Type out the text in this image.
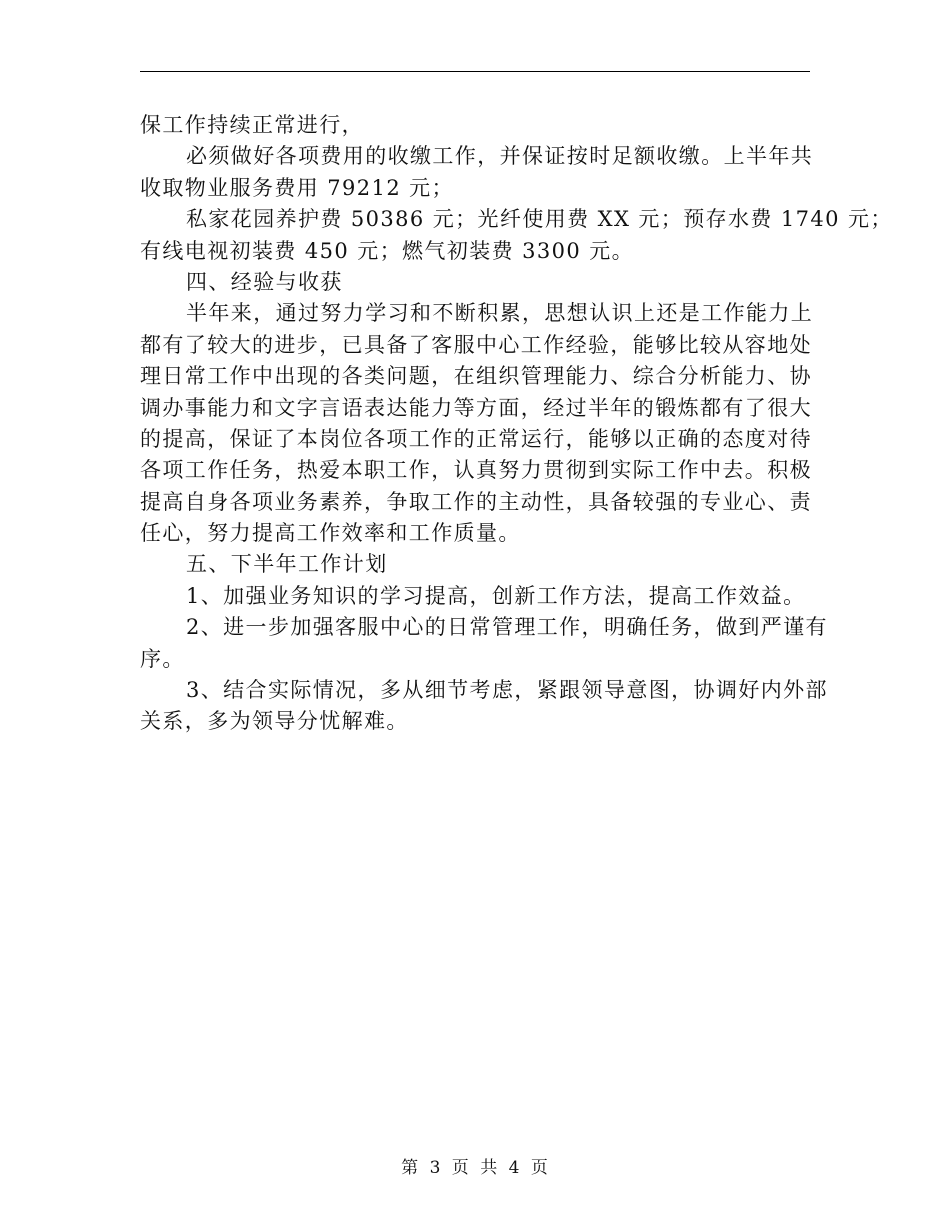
保工作持续正常进行，
必须做好各项费用的收缴工作，并保证按时足额收缴。上半年共
收取物业服务费用 79212 元；
私家花园养护费 50386 元；光纤使用费 XX 元；预存水费 1740 元；
有线电视初装费 450 元；燃气初装费 3300 元。
四、经验与收获
半年来，通过努力学习和不断积累，思想认识上还是工作能力上
都有了较大的进步，已具备了客服中心工作经验，能够比较从容地处
理日常工作中出现的各类问题，在组织管理能力、综合分析能力、协
调办事能力和文字言语表达能力等方面，经过半年的锻炼都有了很大
的提高，保证了本岗位各项工作的正常运行，能够以正确的态度对待
各项工作任务，热爱本职工作，认真努力贯彻到实际工作中去。积极
提高自身各项业务素养，争取工作的主动性，具备较强的专业心、责
任心，努力提高工作效率和工作质量。
五、下半年工作计划
1、加强业务知识的学习提高，创新工作方法，提高工作效益。
2、进一步加强客服中心的日常管理工作，明确任务，做到严谨有
序。
3、结合实际情况，多从细节考虑，紧跟领导意图，协调好内外部
关系，多为领导分忧解难。
第 3 页 共 4 页
